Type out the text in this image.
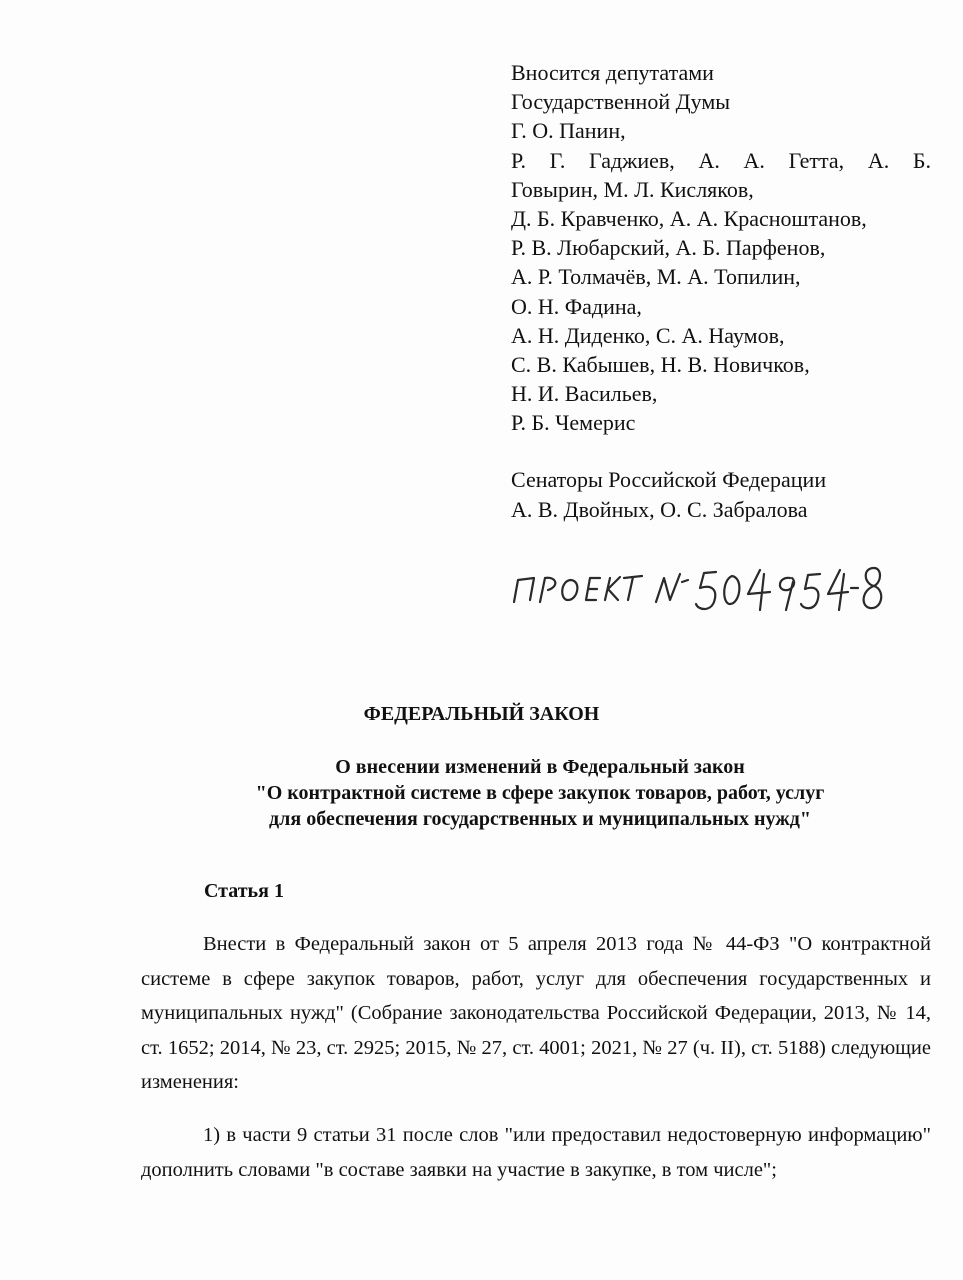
Вносится депутатами
Государственной Думы
Г. О. Панин,
Р. Г. Гаджиев, А. А. Гетта, А. Б.
Говырин, М. Л. Кисляков,
Д. Б. Кравченко, А. А. Красноштанов,
Р. В. Любарский, А. Б. Парфенов,
А. Р. Толмачёв, М. А. Топилин,
О. Н. Фадина,
А. Н. Диденко, С. А. Наумов,
С. В. Кабышев, Н. В. Новичков,
Н. И. Васильев,
Р. Б. Чемерис
Сенаторы Российской Федерации
А. В. Двойных, О. С. Забралова
ФЕДЕРАЛЬНЫЙ ЗАКОН
О внесении изменений в Федеральный закон
"О контрактной системе в сфере закупок товаров, работ, услуг
для обеспечения государственных и муниципальных нужд"
Статья 1

Внести в Федеральный закон от 5 апреля 2013 года № 44-ФЗ "О контрактной системе в сфере закупок товаров, работ, услуг для обеспечения государственных и муниципальных нужд" (Собрание законодательства Российской Федерации, 2013, № 14, ст. 1652; 2014, № 23, ст. 2925; 2015, № 27, ст. 4001; 2021, № 27 (ч. II), ст. 5188) следующие изменения:

1) в части 9 статьи 31 после слов "или предоставил недостоверную информацию" дополнить словами "в составе заявки на участие в закупке, в том числе";
